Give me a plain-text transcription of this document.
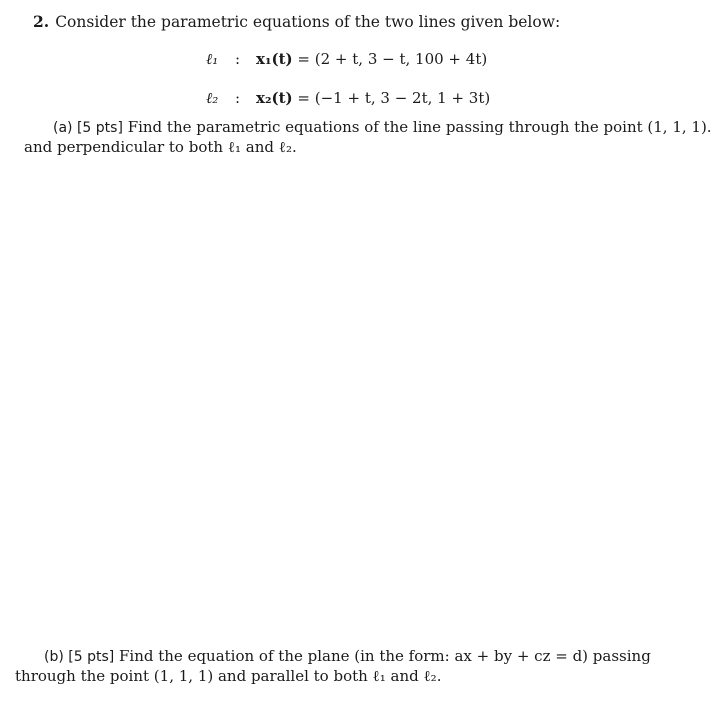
2. Consider the parametric equations of the two lines given below:
ℓ₁ : x₁(t) = (2 + t, 3 − t, 100 + 4t)
ℓ₂ : x₂(t) = (−1 + t, 3 − 2t, 1 + 3t)
(a) [5 pts] Find the parametric equations of the line passing through the point (1, 1, 1).
and perpendicular to both ℓ₁ and ℓ₂.
(b) [5 pts] Find the equation of the plane (in the form: ax + by + cz = d) passing
through the point (1, 1, 1) and parallel to both ℓ₁ and ℓ₂.
